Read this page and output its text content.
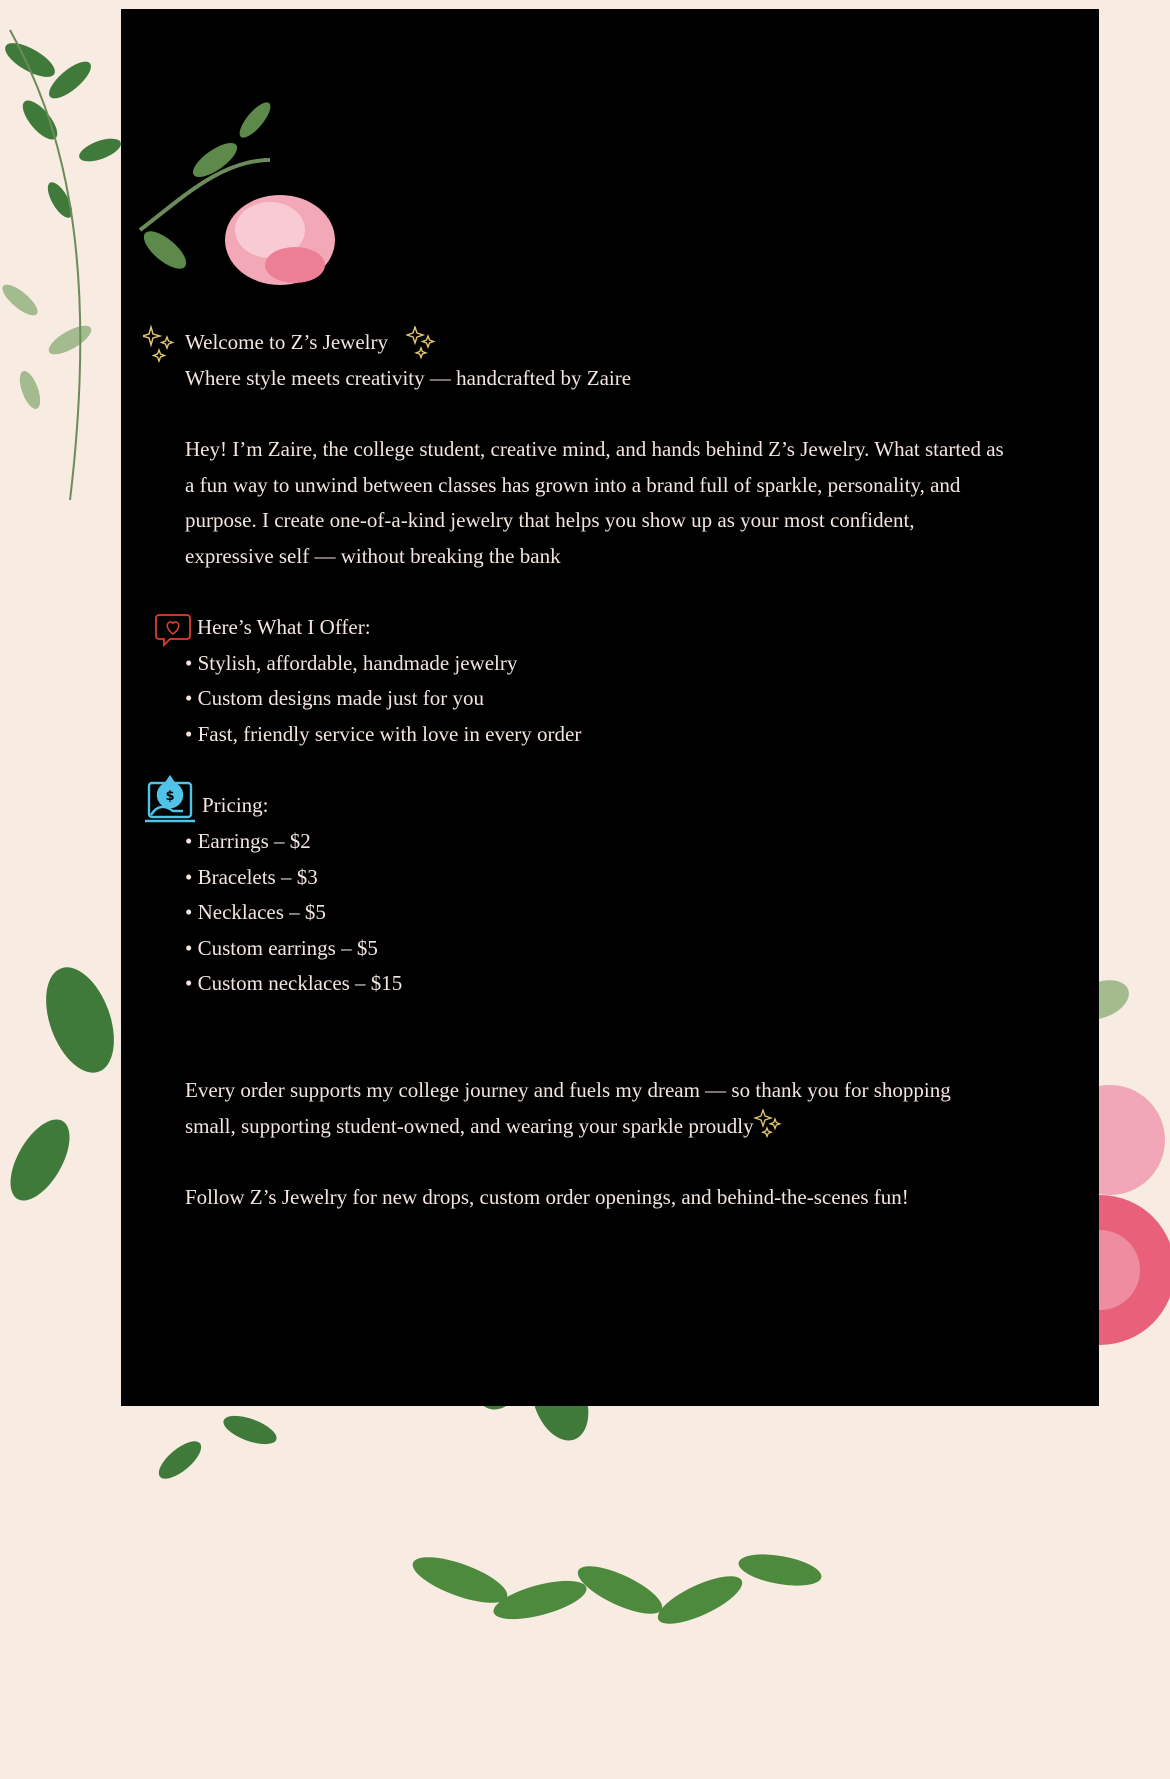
Welcome to Z’s Jewelry
Where style meets creativity — handcrafted by Zaire
Hey! I’m Zaire, the college student, creative mind, and hands behind Z’s Jewelry. What started as a fun way to unwind between classes has grown into a brand full of sparkle, personality, and purpose. I create one-of-a-kind jewelry that helps you show up as your most confident, expressive self — without breaking the bank
Here’s What I Offer:
• Stylish, affordable, handmade jewelry
• Custom designs made just for you
• Fast, friendly service with love in every order
$ Pricing:
• Earrings – $2
• Bracelets – $3
• Necklaces – $5
• Custom earrings – $5
• Custom necklaces – $15
Every order supports my college journey and fuels my dream — so thank you for shopping small, supporting student-owned, and wearing your sparkle proudly
Follow Z’s Jewelry for new drops, custom order openings, and behind-the-scenes fun!
